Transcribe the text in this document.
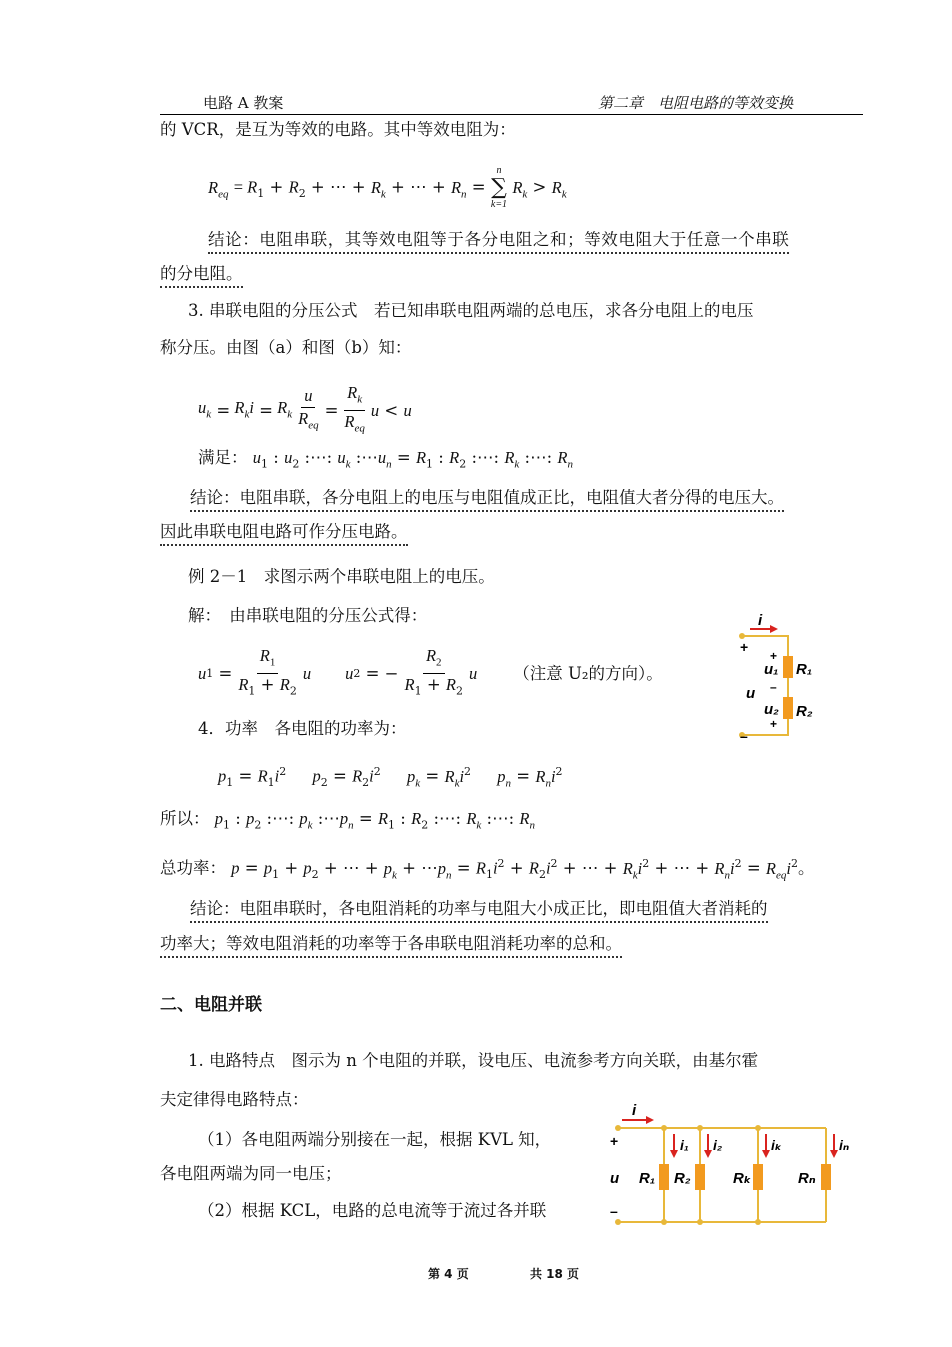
电路 A 教案	第二章　电阻电路的等效变换
的 VCR，是互为等效的电路。其中等效电阻为：
$R_{eq} = R_1 + R_2$ + ⋯ + $R_k$ + ⋯ + $R_n$ =
n
∑
k=1
$R_k > R_k$
结论：电阻串联，其等效电阻等于各分电阻之和；等效电阻大于任意一个串联
的分电阻。
3. 串联电阻的分压公式　若已知串联电阻两端的总电压，求各分电阻上的电压
称分压。由图（a）和图（b）知：
$u_k = R_ki = R_k \frac{u}{R_{eq}} = \frac{R_k}{R_{eq}}$ u < u
满足： $u_1$ : $u_2$ :⋯: $u_k$ $:\cdots u_n = R_1$ : $R_2$ :⋯: $R_k$ :⋯: $R_n$
结论：电阻串联，各分电阻上的电压与电阻值成正比，电阻值大者分得的电压大。
因此串联电阻电路可作分压电路。
例 2－1　求图示两个串联电阻上的电压。
解：　由串联电阻的分压公式得：
u $1 = \frac{R_1}{R_1 + R_2}$ u u 2 = − $\frac{R_2}{R_1 + R_2}$ u （注意 U₂的方向）。
4．功率　各电阻的功率为：
$p_1 = R_1i^2$ $p_2 = R_2i^2$ $p_k = R_ki^2$ $p_n = R_ni^2$
所以： $p_1$ : $p_2$ :⋯: $p_k$ $:\cdots p_n = R_1$ : $R_2$ :⋯: $R_k$ :⋯: $R_n$
总功率： $p = p_1 + p_2$ + ⋯ + $p_k$ + $\cdots p_n = R_1i^2 + R_2i^2$ + ⋯ + $R_ki^2$ + ⋯ + $R_ni^2 = R_{eq}i^2$。
结论：电阻串联时，各电阻消耗的功率与电阻大小成正比，即电阻值大者消耗的
功率大；等效电阻消耗的功率等于各串联电阻消耗功率的总和。
二、电阻并联
1. 电路特点　图示为 n 个电阻的并联，设电压、电流参考方向关联，由基尔霍
夫定律得电路特点：
（1）各电阻两端分别接在一起，根据 KVL 知，
各电阻两端为同一电压；
（2）根据 KCL，电路的总电流等于流过各并联
i
+
+
–
+
–
u₁
u
u₂
R₁
R₂
i
i₁ i₂	iₖ	iₙ
+
u
–
R₁ R₂	Rₖ	Rₙ
第 4 页	共 18 页
